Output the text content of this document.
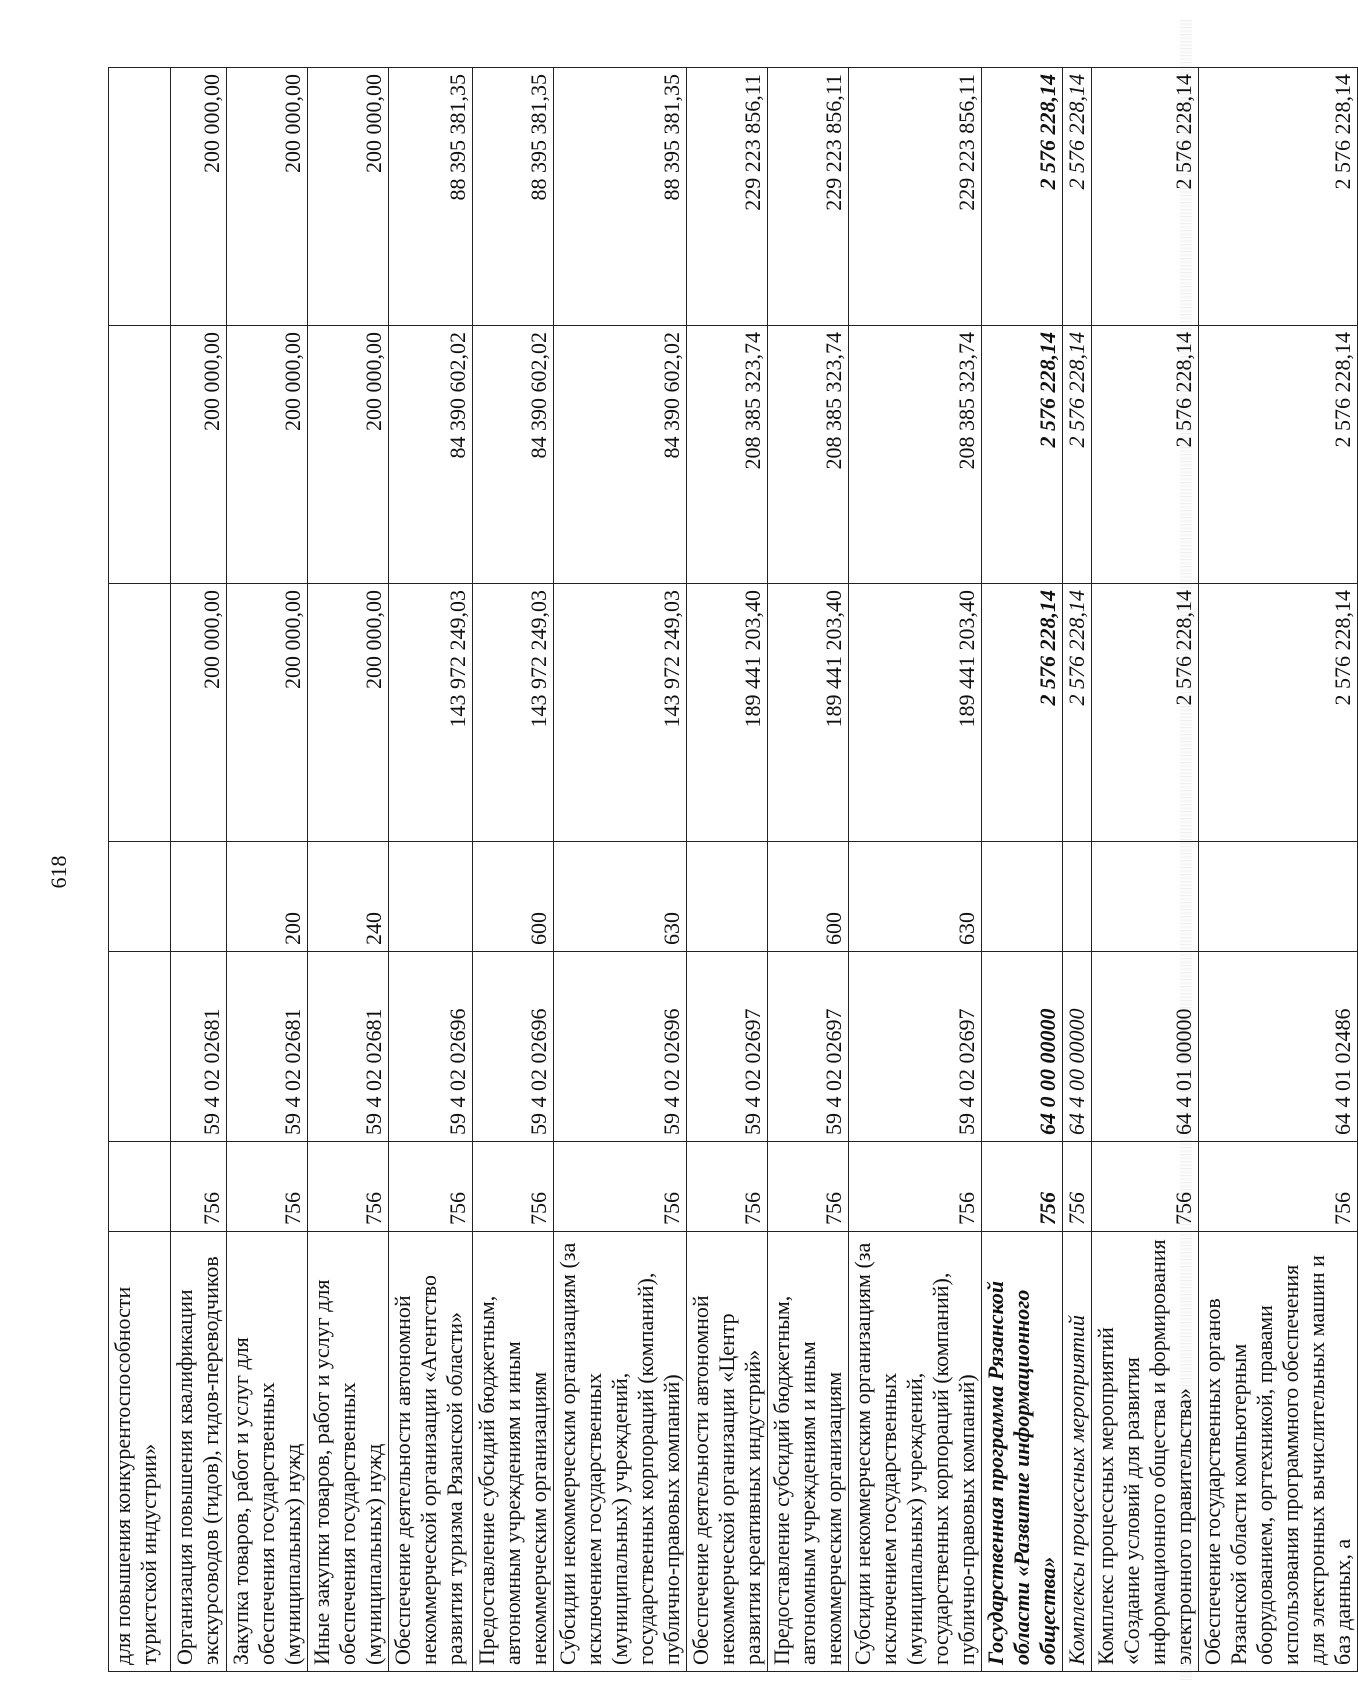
618
для повышения конкурентоспособности туристской индустрии»						
Организация повышения квалификации экскурсоводов (гидов), гидов-переводчиков	756	59 4 02 02681		200 000,00	200 000,00	200 000,00
Закупка товаров, работ и услуг для обеспечения государственных (муниципальных) нужд	756	59 4 02 02681	200	200 000,00	200 000,00	200 000,00
Иные закупки товаров, работ и услуг для обеспечения государственных (муниципальных) нужд	756	59 4 02 02681	240	200 000,00	200 000,00	200 000,00
Обеспечение деятельности автономной некоммерческой организации «Агентство развития туризма Рязанской области»	756	59 4 02 02696		143 972 249,03	84 390 602,02	88 395 381,35
Предоставление субсидий бюджетным, автономным учреждениям и иным некоммерческим организациям	756	59 4 02 02696	600	143 972 249,03	84 390 602,02	88 395 381,35
Субсидии некоммерческим организациям (за исключением государственных (муниципальных) учреждений, государственных корпораций (компаний), публично-правовых компаний)	756	59 4 02 02696	630	143 972 249,03	84 390 602,02	88 395 381,35
Обеспечение деятельности автономной некоммерческой организации «Центр развития креативных индустрий»	756	59 4 02 02697		189 441 203,40	208 385 323,74	229 223 856,11
Предоставление субсидий бюджетным, автономным учреждениям и иным некоммерческим организациям	756	59 4 02 02697	600	189 441 203,40	208 385 323,74	229 223 856,11
Субсидии некоммерческим организациям (за исключением государственных (муниципальных) учреждений, государственных корпораций (компаний), публично-правовых компаний)	756	59 4 02 02697	630	189 441 203,40	208 385 323,74	229 223 856,11
Государственная программа Рязанской области «Развитие информационного общества»	756	64 0 00 00000		2 576 228,14	2 576 228,14	2 576 228,14
Комплексы процессных мероприятий	756	64 4 00 00000		2 576 228,14	2 576 228,14	2 576 228,14
Комплекс процессных мероприятий «Создание условий для развития информационного общества и формирования электронного правительства»	756	64 4 01 00000		2 576 228,14	2 576 228,14	2 576 228,14
Обеспечение государственных органов Рязанской области компьютерным оборудованием, оргтехникой, правами использования программного обеспечения для электронных вычислительных машин и баз данных, а	756	64 4 01 02486		2 576 228,14	2 576 228,14	2 576 228,14
